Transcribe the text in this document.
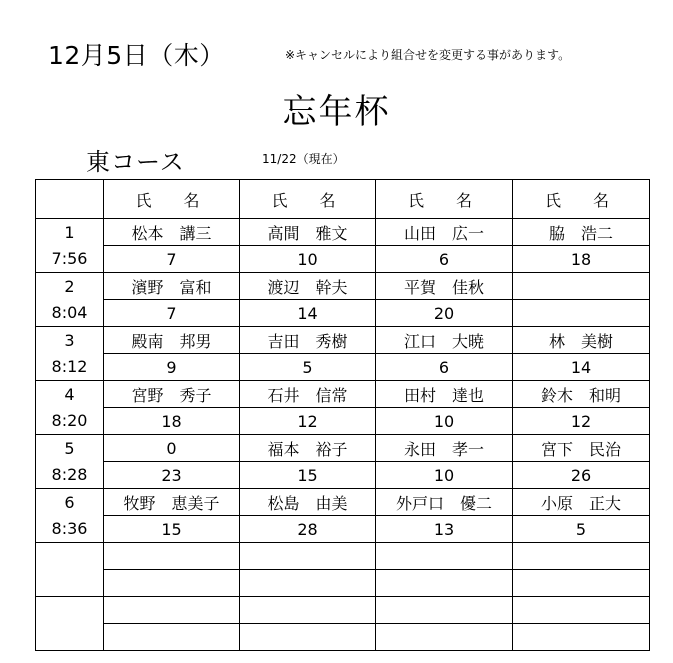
12月5日（木）	※キャンセルにより組合せを変更する事があります。
忘年杯
東コース	11/22（現在）
	氏　名	氏　名	氏　名	氏　名
1	松本　講三	高間　雅文	山田　広一	脇　浩二
7:56	7	10	6	18
2	濱野　富和	渡辺　幹夫	平賀　佳秋	
8:04	7	14	20	
3	殿南　邦男	吉田　秀樹	江口　大暁	林　美樹
8:12	9	5	6	14
4	宮野　秀子	石井　信常	田村　達也	鈴木　和明
8:20	18	12	10	12
5	0	福本　裕子	永田　孝一	宮下　民治
8:28	23	15	10	26
6	牧野　恵美子	松島　由美	外戸口　優二	小原　正大
8:36	15	28	13	5
